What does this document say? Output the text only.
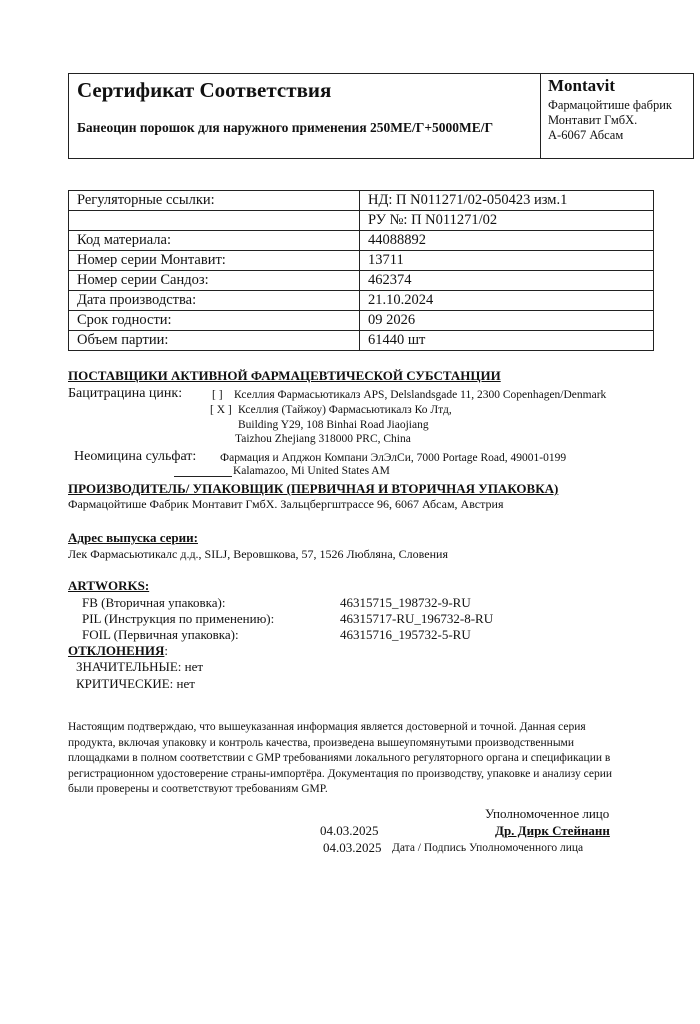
Сертификат Соответствия
Банеоцин порошок для наружного применения 250МЕ/Г+5000МЕ/Г
Montavit
Фармацойтише фабрик
Монтавит ГмбХ.
А-6067 Абсам
Регуляторные ссылки:	НД: П N011271/02-050423 изм.1
	РУ №: П N011271/02
Код материала:	44088892
Номер серии Монтавит:	13711
Номер серии Сандоз:	462374
Дата производства:	21.10.2024
Срок годности:	09 2026
Объем партии:	61440 шт
ПОСТАВЩИКИ АКТИВНОЙ ФАРМАЦЕВТИЧЕСКОЙ СУБСТАНЦИИ
Бацитрацина цинк:	[ ] Кселлия Фармасьютикалз APS, Delslandsgade 11, 2300 Copenhagen/Denmark
[ X ] Кселлия (Тайжоу) Фармасьютикалз Ко Лтд,
Building Y29, 108 Binhai Road Jiaojiang
Taizhou Zhejiang 318000 PRC, China
Неомицина сульфат: Фармация и Апджон Компани ЭлЭлСи, 7000 Portage Road, 49001-0199
Kalamazoo, Mi United States AM
ПРОИЗВОДИТЕЛЬ/ УПАКОВЩИК (ПЕРВИЧНАЯ И ВТОРИЧНАЯ УПАКОВКА)
Фармацойтише Фабрик Монтавит ГмбХ. Зальцбергштрассе 96, 6067 Абсам, Австрия
Адрес выпуска серии:
Лек Фармасьютикалс д.д., SILJ, Веровшкова, 57, 1526 Любляна, Словения
ARTWORKS:
FB (Вторичная упаковка):	46315715_198732-9-RU
PIL (Инструкция по применению):	46315717-RU_196732-8-RU
FOIL (Первичная упаковка):	46315716_195732-5-RU
ОТКЛОНЕНИЯ:
ЗНАЧИТЕЛЬНЫЕ: нет
КРИТИЧЕСКИЕ: нет
Настоящим подтверждаю, что вышеуказанная информация является достоверной и точной. Данная серия продукта, включая упаковку и контроль качества, произведена вышеупомянутыми производственными площадками в полном соответствии с GMP требованиями локального регуляторного органа и спецификации в регистрационном удостоверение страны-импортёра. Документация по производству, упаковке и анализу серии были проверены и соответствуют требованиям GMP.
Уполномоченное лицо
04.03.2025	Др. Дирк Стейнанн
04.03.2025 Дата / Подпись Уполномоченного лица
